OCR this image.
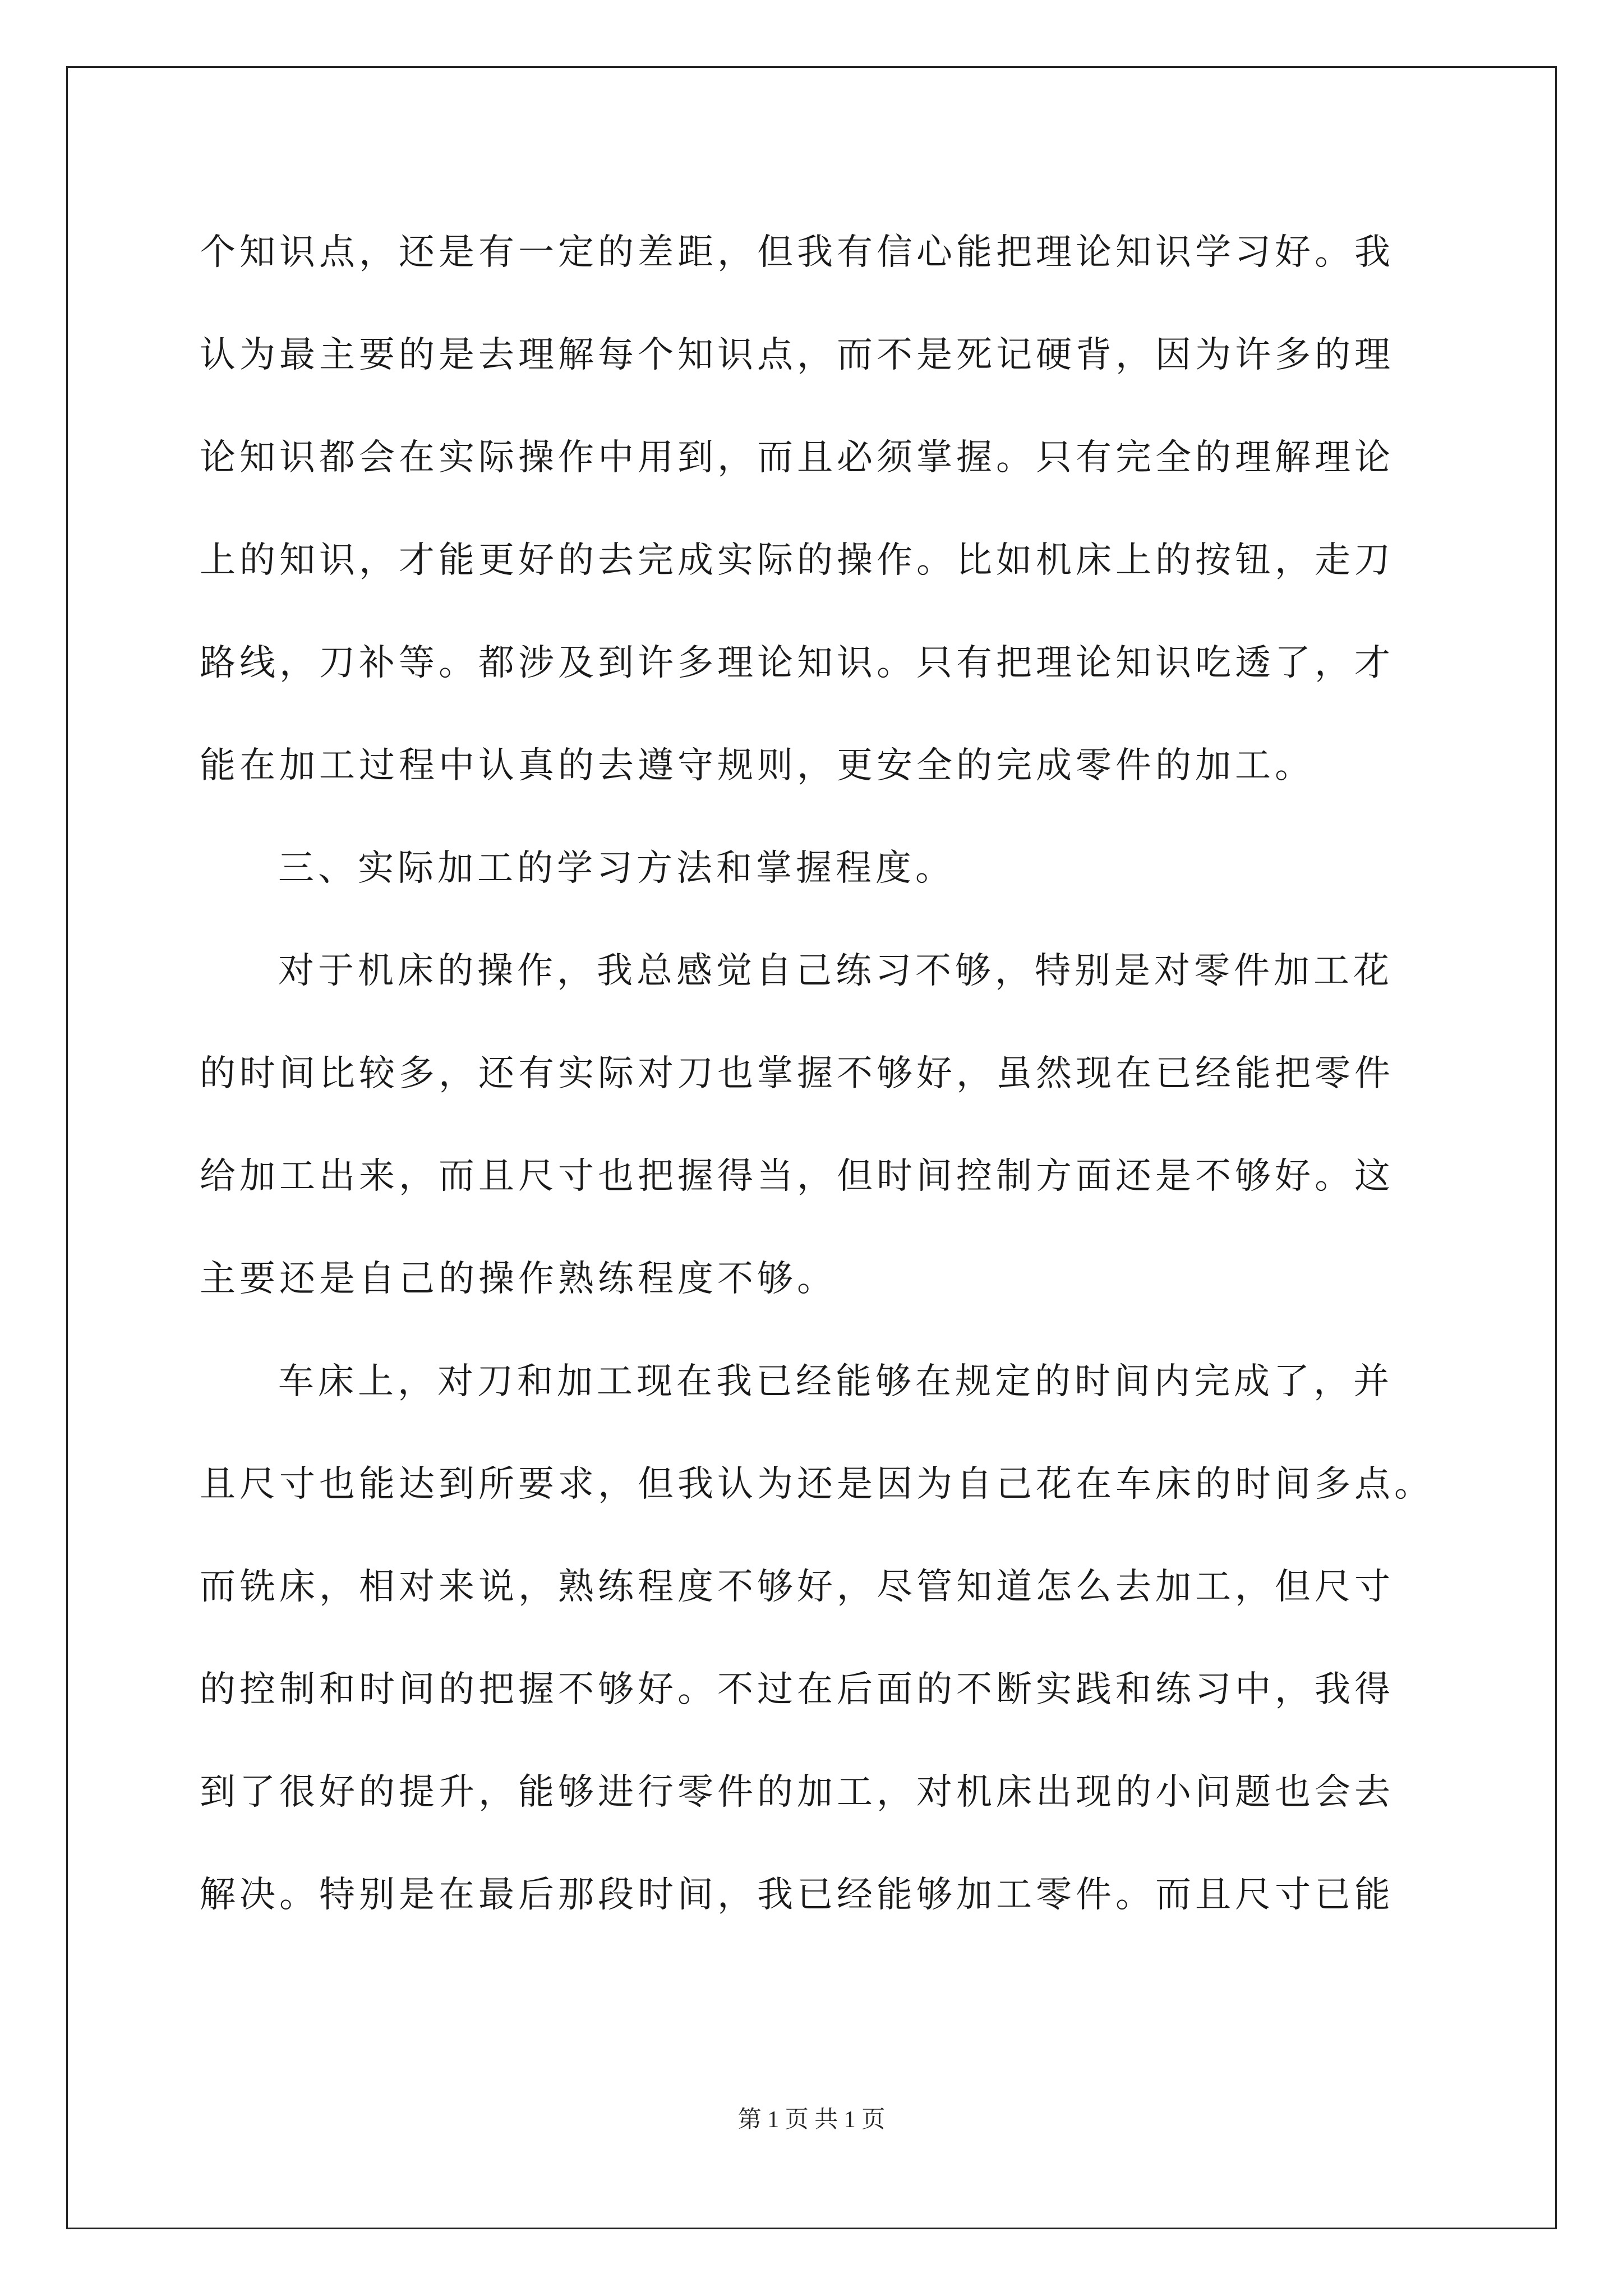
个知识点，还是有一定的差距，但我有信心能把理论知识学习好。我
认为最主要的是去理解每个知识点，而不是死记硬背，因为许多的理
论知识都会在实际操作中用到，而且必须掌握。只有完全的理解理论
上的知识，才能更好的去完成实际的操作。比如机床上的按钮，走刀
路线，刀补等。都涉及到许多理论知识。只有把理论知识吃透了，才
能在加工过程中认真的去遵守规则，更安全的完成零件的加工。
三、实际加工的学习方法和掌握程度。
对于机床的操作，我总感觉自己练习不够，特别是对零件加工花
的时间比较多，还有实际对刀也掌握不够好，虽然现在已经能把零件
给加工出来，而且尺寸也把握得当，但时间控制方面还是不够好。这
主要还是自己的操作熟练程度不够。
车床上，对刀和加工现在我已经能够在规定的时间内完成了，并
且尺寸也能达到所要求，但我认为还是因为自己花在车床的时间多点。
而铣床，相对来说，熟练程度不够好，尽管知道怎么去加工，但尺寸
的控制和时间的把握不够好。不过在后面的不断实践和练习中，我得
到了很好的提升，能够进行零件的加工，对机床出现的小问题也会去
解决。特别是在最后那段时间，我已经能够加工零件。而且尺寸已能
第 1 页 共 1 页
